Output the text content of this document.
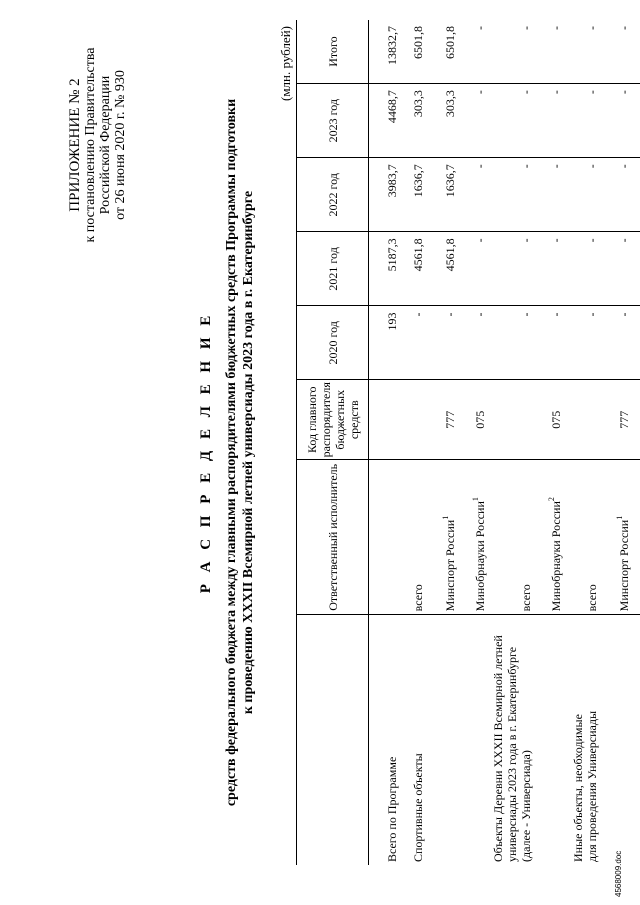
ПРИЛОЖЕНИЕ № 2 к постановлению Правительства Российской Федерации от 26 июня 2020 г. № 930
Р А С П Р Е Д Е Л Е Н И Е средств федерального бюджета между главными распорядителями бюджетных средств Программы подготовки к проведению XXXII Всемирной летней универсиады 2023 года в г. Екатеринбурге
(млн. рублей)
	Ответственный исполнитель	Код главного распорядителя бюджетных средств	2020 год	2021 год	2022 год	2023 год	Итого
Всего по Программе			193	5187,3	3983,7	4468,7	13832,7
Спортивные объекты	всего		-	4561,8	1636,7	303,3	6501,8
	Минспорт России$^1$	777	-	4561,8	1636,7	303,3	6501,8
	Минобрнауки России$^1$	075	-	-	-	-	-
Объекты Деревни XXXII Всемирной летней
универсиады 2023 года в г. Екатеринбурге
(далее - Универсиада)	всего		-	-	-	-	-
	Минобрнауки России$^2$	075	-	-	-	-	-
Иные объекты, необходимые
для проведения Универсиады	всего		-	-	-	-	-
	Минспорт России$^1$	777	-	-	-	-	-

4568009.doc
